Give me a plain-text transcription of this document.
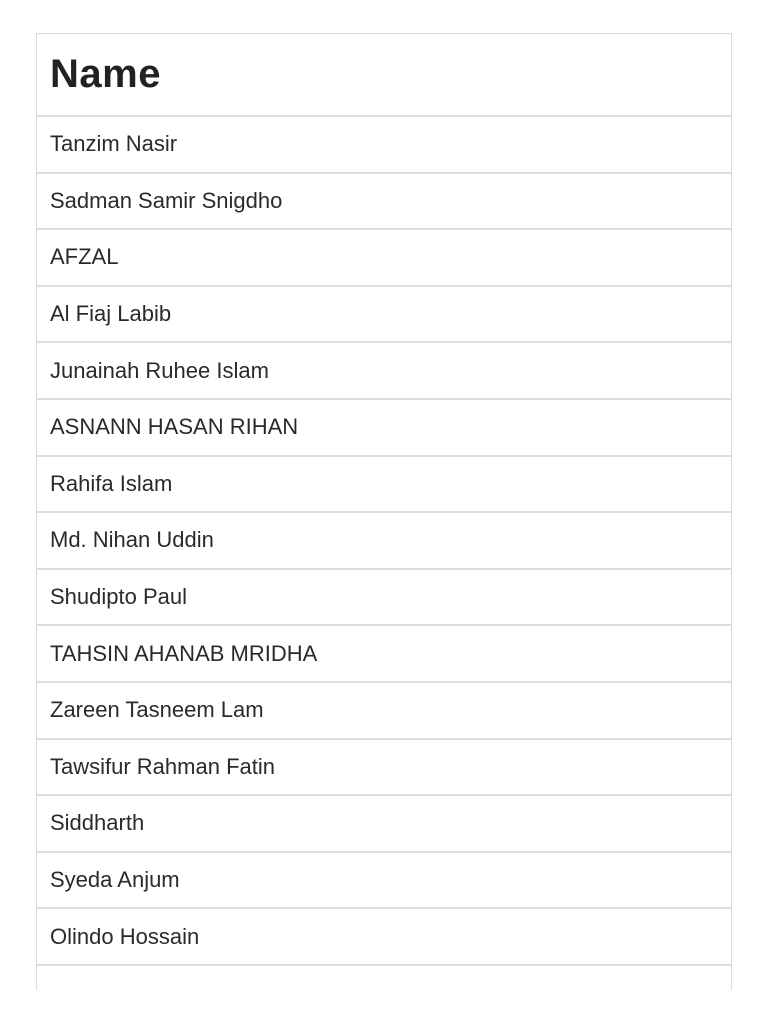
Name
Tanzim Nasir
Sadman Samir Snigdho
AFZAL
Al Fiaj Labib
Junainah Ruhee Islam
ASNANN HASAN RIHAN
Rahifa Islam
Md. Nihan Uddin
Shudipto Paul
TAHSIN AHANAB MRIDHA
Zareen Tasneem Lam
Tawsifur Rahman Fatin
Siddharth
Syeda Anjum
Olindo Hossain
